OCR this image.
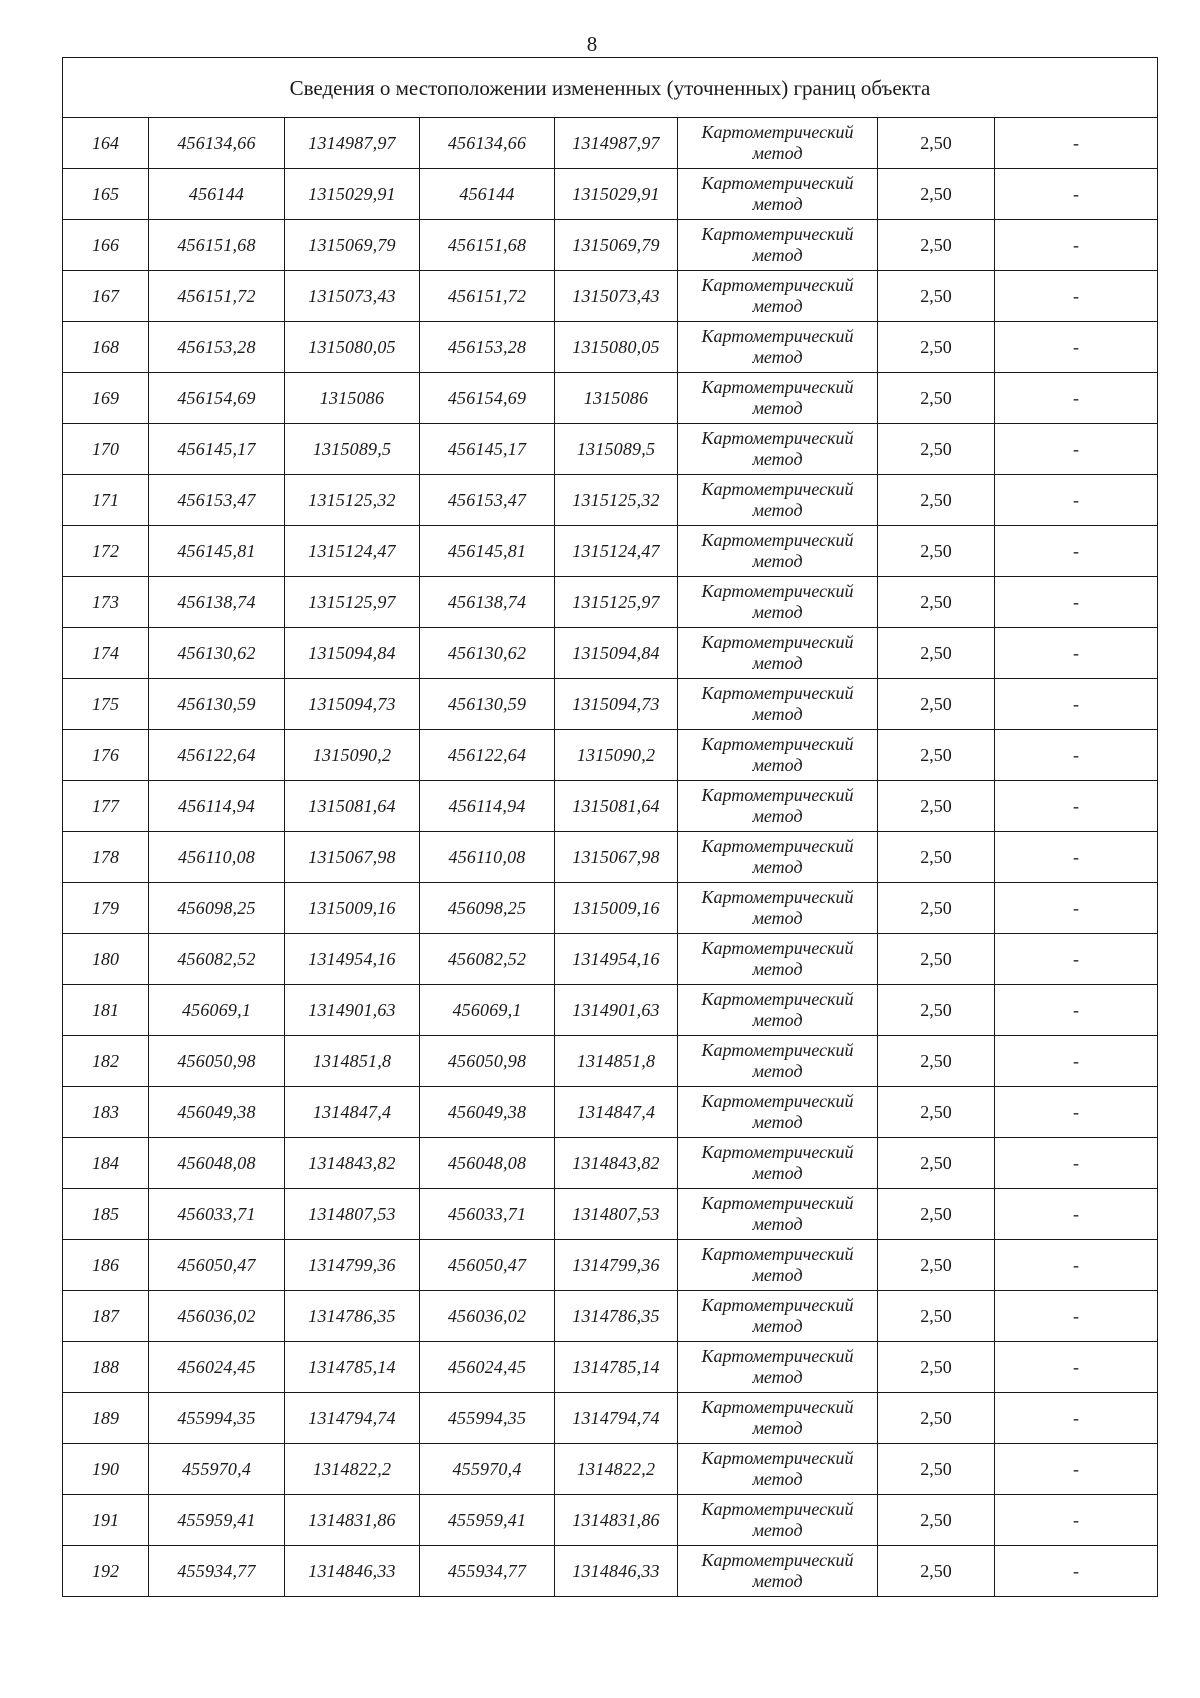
8
Сведения о местоположении измененных (уточненных) границ объекта							
164	456134,66	1314987,97	456134,66	1314987,97	Картометрический метод	2,50	-
165	456144	1315029,91	456144	1315029,91	Картометрический метод	2,50	-
166	456151,68	1315069,79	456151,68	1315069,79	Картометрический метод	2,50	-
167	456151,72	1315073,43	456151,72	1315073,43	Картометрический метод	2,50	-
168	456153,28	1315080,05	456153,28	1315080,05	Картометрический метод	2,50	-
169	456154,69	1315086	456154,69	1315086	Картометрический метод	2,50	-
170	456145,17	1315089,5	456145,17	1315089,5	Картометрический метод	2,50	-
171	456153,47	1315125,32	456153,47	1315125,32	Картометрический метод	2,50	-
172	456145,81	1315124,47	456145,81	1315124,47	Картометрический метод	2,50	-
173	456138,74	1315125,97	456138,74	1315125,97	Картометрический метод	2,50	-
174	456130,62	1315094,84	456130,62	1315094,84	Картометрический метод	2,50	-
175	456130,59	1315094,73	456130,59	1315094,73	Картометрический метод	2,50	-
176	456122,64	1315090,2	456122,64	1315090,2	Картометрический метод	2,50	-
177	456114,94	1315081,64	456114,94	1315081,64	Картометрический метод	2,50	-
178	456110,08	1315067,98	456110,08	1315067,98	Картометрический метод	2,50	-
179	456098,25	1315009,16	456098,25	1315009,16	Картометрический метод	2,50	-
180	456082,52	1314954,16	456082,52	1314954,16	Картометрический метод	2,50	-
181	456069,1	1314901,63	456069,1	1314901,63	Картометрический метод	2,50	-
182	456050,98	1314851,8	456050,98	1314851,8	Картометрический метод	2,50	-
183	456049,38	1314847,4	456049,38	1314847,4	Картометрический метод	2,50	-
184	456048,08	1314843,82	456048,08	1314843,82	Картометрический метод	2,50	-
185	456033,71	1314807,53	456033,71	1314807,53	Картометрический метод	2,50	-
186	456050,47	1314799,36	456050,47	1314799,36	Картометрический метод	2,50	-
187	456036,02	1314786,35	456036,02	1314786,35	Картометрический метод	2,50	-
188	456024,45	1314785,14	456024,45	1314785,14	Картометрический метод	2,50	-
189	455994,35	1314794,74	455994,35	1314794,74	Картометрический метод	2,50	-
190	455970,4	1314822,2	455970,4	1314822,2	Картометрический метод	2,50	-
191	455959,41	1314831,86	455959,41	1314831,86	Картометрический метод	2,50	-
192	455934,77	1314846,33	455934,77	1314846,33	Картометрический метод	2,50	-
